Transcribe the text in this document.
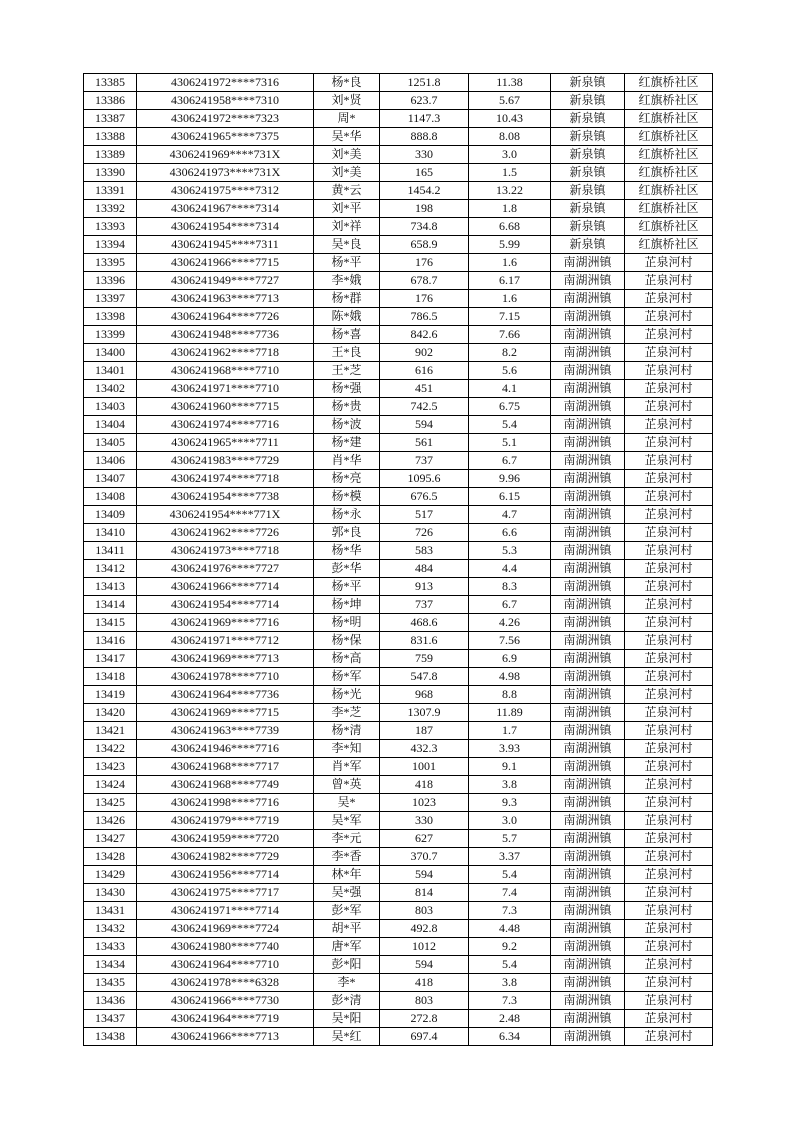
13385	4306241972****7316	杨*良	1251.8	11.38	新泉镇	红旗桥社区
13386	4306241958****7310	刘*贤	623.7	5.67	新泉镇	红旗桥社区
13387	4306241972****7323	周*	1147.3	10.43	新泉镇	红旗桥社区
13388	4306241965****7375	吴*华	888.8	8.08	新泉镇	红旗桥社区
13389	4306241969****731X	刘*美	330	3.0	新泉镇	红旗桥社区
13390	4306241973****731X	刘*美	165	1.5	新泉镇	红旗桥社区
13391	4306241975****7312	黄*云	1454.2	13.22	新泉镇	红旗桥社区
13392	4306241967****7314	刘*平	198	1.8	新泉镇	红旗桥社区
13393	4306241954****7314	刘*祥	734.8	6.68	新泉镇	红旗桥社区
13394	4306241945****7311	吴*良	658.9	5.99	新泉镇	红旗桥社区
13395	4306241966****7715	杨*平	176	1.6	南湖洲镇	芷泉河村
13396	4306241949****7727	李*娥	678.7	6.17	南湖洲镇	芷泉河村
13397	4306241963****7713	杨*群	176	1.6	南湖洲镇	芷泉河村
13398	4306241964****7726	陈*娥	786.5	7.15	南湖洲镇	芷泉河村
13399	4306241948****7736	杨*喜	842.6	7.66	南湖洲镇	芷泉河村
13400	4306241962****7718	王*良	902	8.2	南湖洲镇	芷泉河村
13401	4306241968****7710	王*芝	616	5.6	南湖洲镇	芷泉河村
13402	4306241971****7710	杨*强	451	4.1	南湖洲镇	芷泉河村
13403	4306241960****7715	杨*贵	742.5	6.75	南湖洲镇	芷泉河村
13404	4306241974****7716	杨*波	594	5.4	南湖洲镇	芷泉河村
13405	4306241965****7711	杨*建	561	5.1	南湖洲镇	芷泉河村
13406	4306241983****7729	肖*华	737	6.7	南湖洲镇	芷泉河村
13407	4306241974****7718	杨*亮	1095.6	9.96	南湖洲镇	芷泉河村
13408	4306241954****7738	杨*模	676.5	6.15	南湖洲镇	芷泉河村
13409	4306241954****771X	杨*永	517	4.7	南湖洲镇	芷泉河村
13410	4306241962****7726	郭*良	726	6.6	南湖洲镇	芷泉河村
13411	4306241973****7718	杨*华	583	5.3	南湖洲镇	芷泉河村
13412	4306241976****7727	彭*华	484	4.4	南湖洲镇	芷泉河村
13413	4306241966****7714	杨*平	913	8.3	南湖洲镇	芷泉河村
13414	4306241954****7714	杨*坤	737	6.7	南湖洲镇	芷泉河村
13415	4306241969****7716	杨*明	468.6	4.26	南湖洲镇	芷泉河村
13416	4306241971****7712	杨*保	831.6	7.56	南湖洲镇	芷泉河村
13417	4306241969****7713	杨*高	759	6.9	南湖洲镇	芷泉河村
13418	4306241978****7710	杨*军	547.8	4.98	南湖洲镇	芷泉河村
13419	4306241964****7736	杨*光	968	8.8	南湖洲镇	芷泉河村
13420	4306241969****7715	李*芝	1307.9	11.89	南湖洲镇	芷泉河村
13421	4306241963****7739	杨*清	187	1.7	南湖洲镇	芷泉河村
13422	4306241946****7716	李*知	432.3	3.93	南湖洲镇	芷泉河村
13423	4306241968****7717	肖*军	1001	9.1	南湖洲镇	芷泉河村
13424	4306241968****7749	曾*英	418	3.8	南湖洲镇	芷泉河村
13425	4306241998****7716	吴*	1023	9.3	南湖洲镇	芷泉河村
13426	4306241979****7719	吴*军	330	3.0	南湖洲镇	芷泉河村
13427	4306241959****7720	李*元	627	5.7	南湖洲镇	芷泉河村
13428	4306241982****7729	李*香	370.7	3.37	南湖洲镇	芷泉河村
13429	4306241956****7714	林*年	594	5.4	南湖洲镇	芷泉河村
13430	4306241975****7717	吴*强	814	7.4	南湖洲镇	芷泉河村
13431	4306241971****7714	彭*军	803	7.3	南湖洲镇	芷泉河村
13432	4306241969****7724	胡*平	492.8	4.48	南湖洲镇	芷泉河村
13433	4306241980****7740	唐*军	1012	9.2	南湖洲镇	芷泉河村
13434	4306241964****7710	彭*阳	594	5.4	南湖洲镇	芷泉河村
13435	4306241978****6328	李*	418	3.8	南湖洲镇	芷泉河村
13436	4306241966****7730	彭*清	803	7.3	南湖洲镇	芷泉河村
13437	4306241964****7719	吴*阳	272.8	2.48	南湖洲镇	芷泉河村
13438	4306241966****7713	吴*红	697.4	6.34	南湖洲镇	芷泉河村
